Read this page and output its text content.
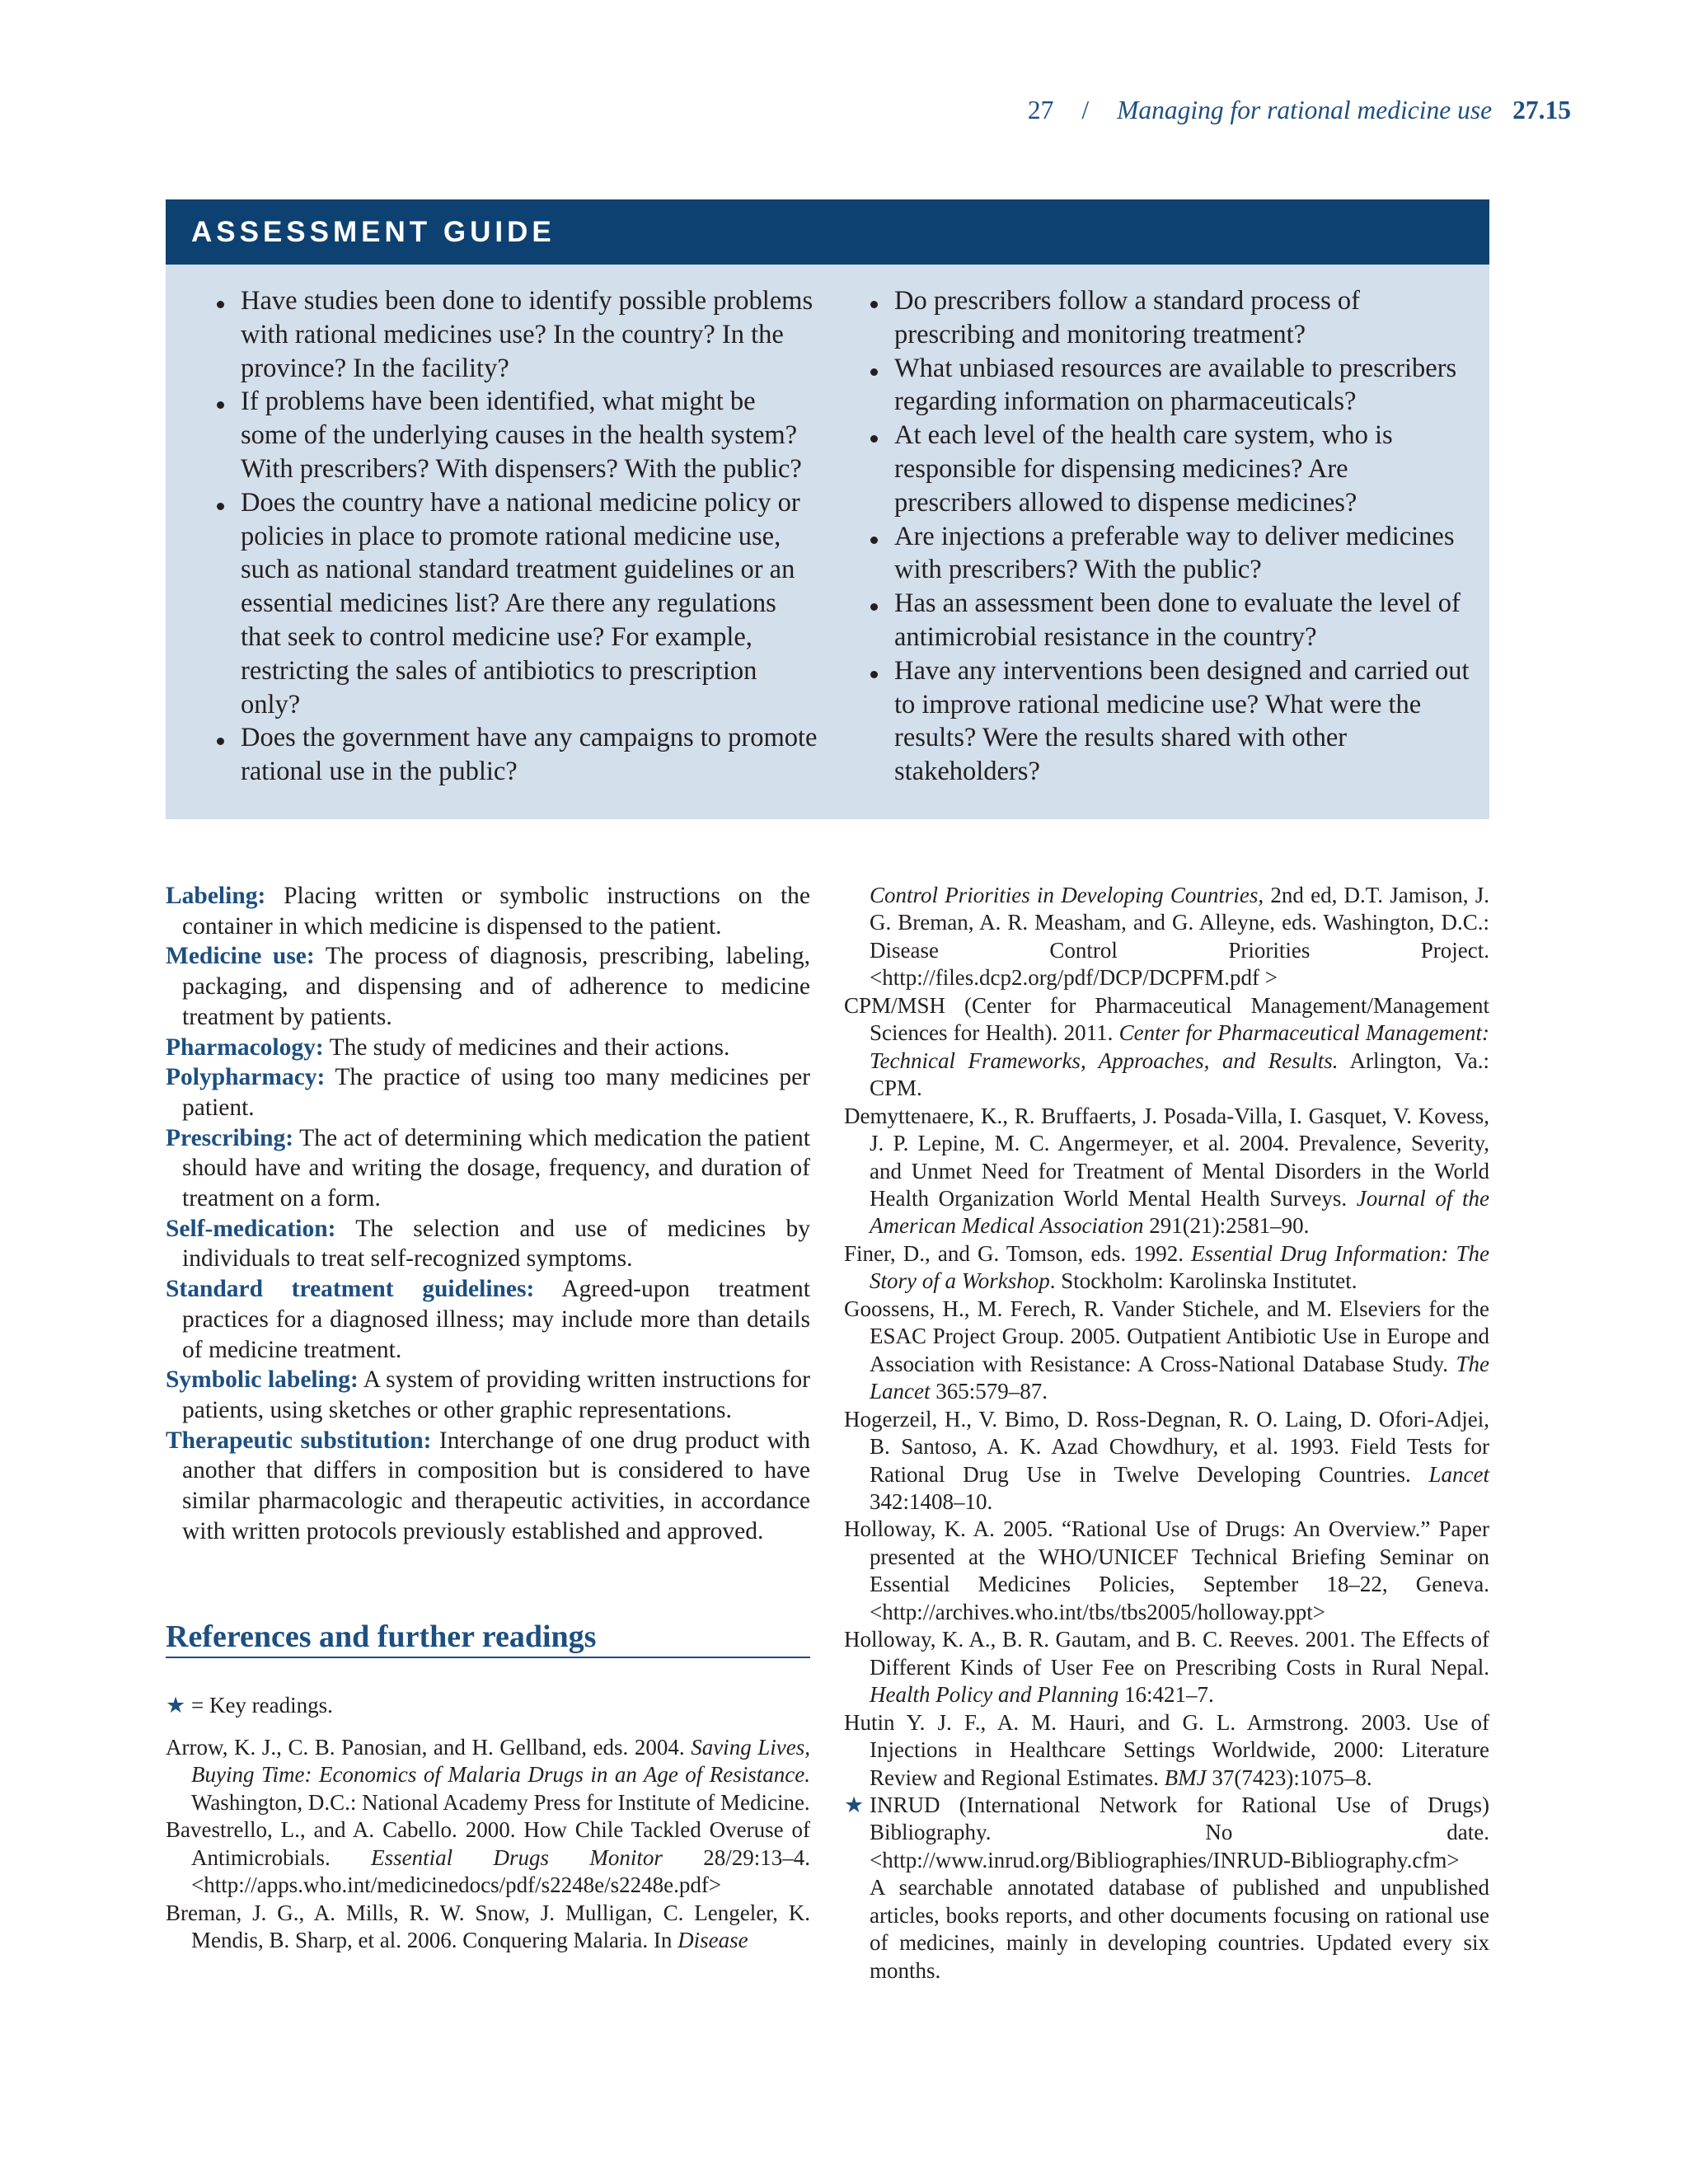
27 / Managing for rational medicine use 27.15
ASSESSMENT GUIDE
Have studies been done to identify possible problems with rational medicines use? In the country? In the province? In the facility?
If problems have been identified, what might be some of the underlying causes in the health system? With prescribers? With dispensers? With the public?
Does the country have a national medicine policy or policies in place to promote rational medicine use, such as national standard treatment guidelines or an essential medicines list? Are there any regulations that seek to control medicine use? For example, restricting the sales of antibiotics to prescription only?
Does the government have any campaigns to promote rational use in the public?
Do prescribers follow a standard process of prescribing and monitoring treatment?
What unbiased resources are available to prescribers regarding information on pharmaceuticals?
At each level of the health care system, who is responsible for dispensing medicines? Are prescribers allowed to dispense medicines?
Are injections a preferable way to deliver medicines with prescribers? With the public?
Has an assessment been done to evaluate the level of antimicrobial resistance in the country?
Have any interventions been designed and carried out to improve rational medicine use? What were the results? Were the results shared with other stakeholders?
Labeling: Placing written or symbolic instructions on the container in which medicine is dispensed to the patient.
Medicine use: The process of diagnosis, prescribing, labeling, packaging, and dispensing and of adherence to medicine treatment by patients.
Pharmacology: The study of medicines and their actions.
Polypharmacy: The practice of using too many medicines per patient.
Prescribing: The act of determining which medication the patient should have and writing the dosage, frequency, and duration of treatment on a form.
Self-medication: The selection and use of medicines by individuals to treat self-recognized symptoms.
Standard treatment guidelines: Agreed-upon treatment practices for a diagnosed illness; may include more than details of medicine treatment.
Symbolic labeling: A system of providing written instructions for patients, using sketches or other graphic representations.
Therapeutic substitution: Interchange of one drug product with another that differs in composition but is considered to have similar pharmacologic and therapeutic activities, in accordance with written protocols previously established and approved.
References and further readings
★ = Key readings.
Arrow, K. J., C. B. Panosian, and H. Gellband, eds. 2004. Saving Lives, Buying Time: Economics of Malaria Drugs in an Age of Resistance. Washington, D.C.: National Academy Press for Institute of Medicine.
Bavestrello, L., and A. Cabello. 2000. How Chile Tackled Overuse of Antimicrobials. Essential Drugs Monitor 28/29:13–4. <http://apps.who.int/medicinedocs/pdf/s2248e/s2248e.pdf>
Breman, J. G., A. Mills, R. W. Snow, J. Mulligan, C. Lengeler, K. Mendis, B. Sharp, et al. 2006. Conquering Malaria. In Disease
Control Priorities in Developing Countries, 2nd ed, D.T. Jamison, J. G. Breman, A. R. Measham, and G. Alleyne, eds. Washington, D.C.: Disease Control Priorities Project.<http://files.dcp2.org/pdf/DCP/DCPFM.pdf >
CPM/MSH (Center for Pharmaceutical Management/Management Sciences for Health). 2011. Center for Pharmaceutical Management: Technical Frameworks, Approaches, and Results. Arlington, Va.: CPM.
Demyttenaere, K., R. Bruffaerts, J. Posada-Villa, I. Gasquet, V. Kovess, J. P. Lepine, M. C. Angermeyer, et al. 2004. Prevalence, Severity, and Unmet Need for Treatment of Mental Disorders in the World Health Organization World Mental Health Surveys. Journal of the American Medical Association 291(21):2581–90.
Finer, D., and G. Tomson, eds. 1992. Essential Drug Information: The Story of a Workshop. Stockholm: Karolinska Institutet.
Goossens, H., M. Ferech, R. Vander Stichele, and M. Elseviers for the ESAC Project Group. 2005. Outpatient Antibiotic Use in Europe and Association with Resistance: A Cross-National Database Study. The Lancet 365:579–87.
Hogerzeil, H., V. Bimo, D. Ross-Degnan, R. O. Laing, D. Ofori-Adjei, B. Santoso, A. K. Azad Chowdhury, et al. 1993. Field Tests for Rational Drug Use in Twelve Developing Countries. Lancet 342:1408–10.
Holloway, K. A. 2005. “Rational Use of Drugs: An Overview.” Paper presented at the WHO/UNICEF Technical Briefing Seminar on Essential Medicines Policies, September 18–22, Geneva. <http://archives.who.int/tbs/tbs2005/holloway.ppt>
Holloway, K. A., B. R. Gautam, and B. C. Reeves. 2001. The Effects of Different Kinds of User Fee on Prescribing Costs in Rural Nepal. Health Policy and Planning 16:421–7.
Hutin Y. J. F., A. M. Hauri, and G. L. Armstrong. 2003. Use of Injections in Healthcare Settings Worldwide, 2000: Literature Review and Regional Estimates. BMJ 37(7423):1075–8.
★ INRUD (International Network for Rational Use of Drugs) Bibliography. No date. <http://www.inrud.org/Bibliographies/INRUD-Bibliography.cfm>
A searchable annotated database of published and unpublished articles, books reports, and other documents focusing on rational use of medicines, mainly in developing countries. Updated every six months.
